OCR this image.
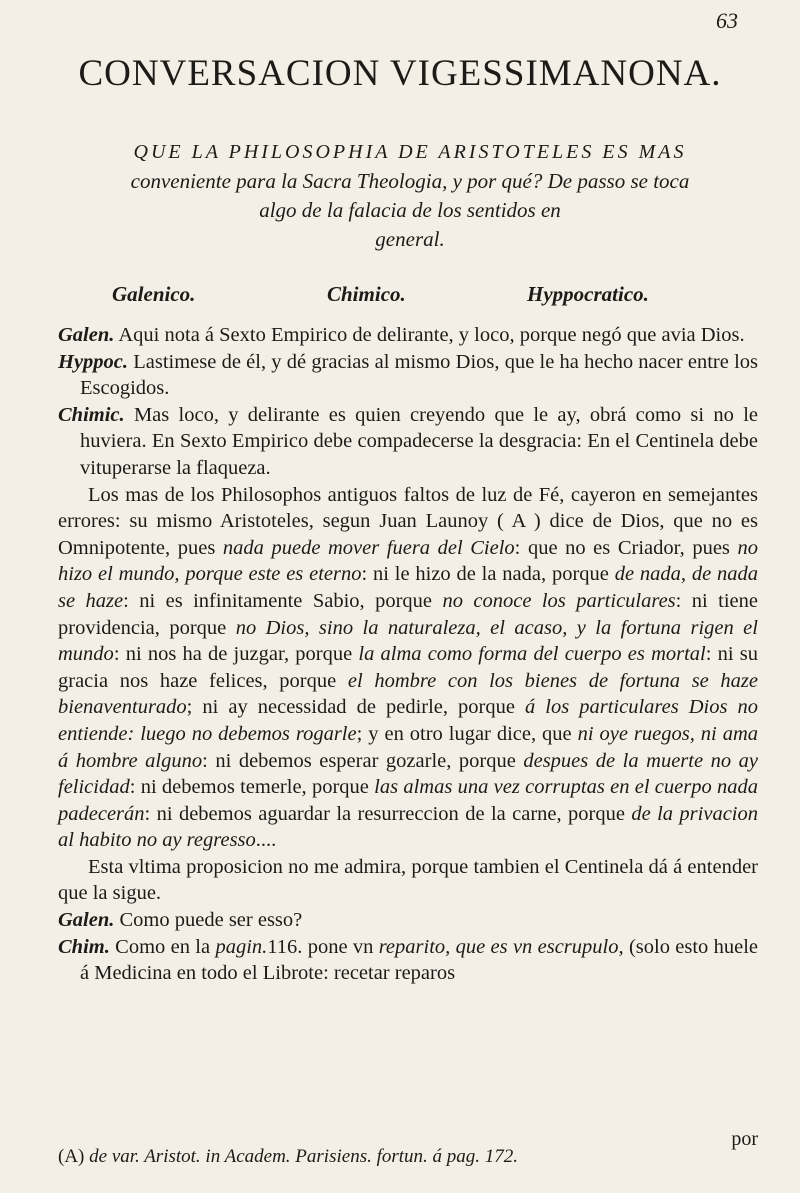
63
CONVERSACION VIGESSIMANONA.
QUE LA PHILOSOPHIA DE ARISTOTELES ES MAS
conveniente para la Sacra Theologia, y por qué? De passo se toca
algo de la falacia de los sentidos en
general.
Galenico.	Chimico.	Hyppocratico.

Galen. Aqui nota á Sexto Empirico de delirante, y loco, porque negó que avia Dios.

Hyppoc. Lastimese de él, y dé gracias al mismo Dios, que le ha hecho nacer entre los Escogidos.

Chimic. Mas loco, y delirante es quien creyendo que le ay, obrá como si no le huviera. En Sexto Empirico debe compadecerse la desgracia: En el Centinela debe vituperarse la flaqueza.

Los mas de los Philosophos antiguos faltos de luz de Fé, cayeron en semejantes errores: su mismo Aristoteles, segun Juan Launoy ( A ) dice de Dios, que no es Omnipotente, pues nada puede mover fuera del Cielo: que no es Criador, pues no hizo el mundo, porque este es eterno: ni le hizo de la nada, porque de nada, de nada se haze: ni es infinitamente Sabio, porque no conoce los particulares: ni tiene providencia, porque no Dios, sino la naturaleza, el acaso, y la fortuna rigen el mundo: ni nos ha de juzgar, porque la alma como forma del cuerpo es mortal: ni su gracia nos haze felices, porque el hombre con los bienes de fortuna se haze bienaventurado; ni ay necessidad de pedirle, porque á los particulares Dios no entiende: luego no debemos rogarle; y en otro lugar dice, que ni oye ruegos, ni ama á hombre alguno: ni debemos esperar gozarle, porque despues de la muerte no ay felicidad: ni debemos temerle, porque las almas una vez corruptas en el cuerpo nada padecerán: ni debemos aguardar la resurreccion de la carne, porque de la privacion al habito no ay regresso....

Esta vltima proposicion no me admira, porque tambien el Centinela dá á entender que la sigue.

Galen. Como puede ser esso?

Chim. Como en la pagin.116. pone vn reparito, que es vn escrupulo, (solo esto huele á Medicina en todo el Librote: recetar reparos

por
(A) de var. Aristot. in Academ. Parisiens. fortun. á pag. 172.
